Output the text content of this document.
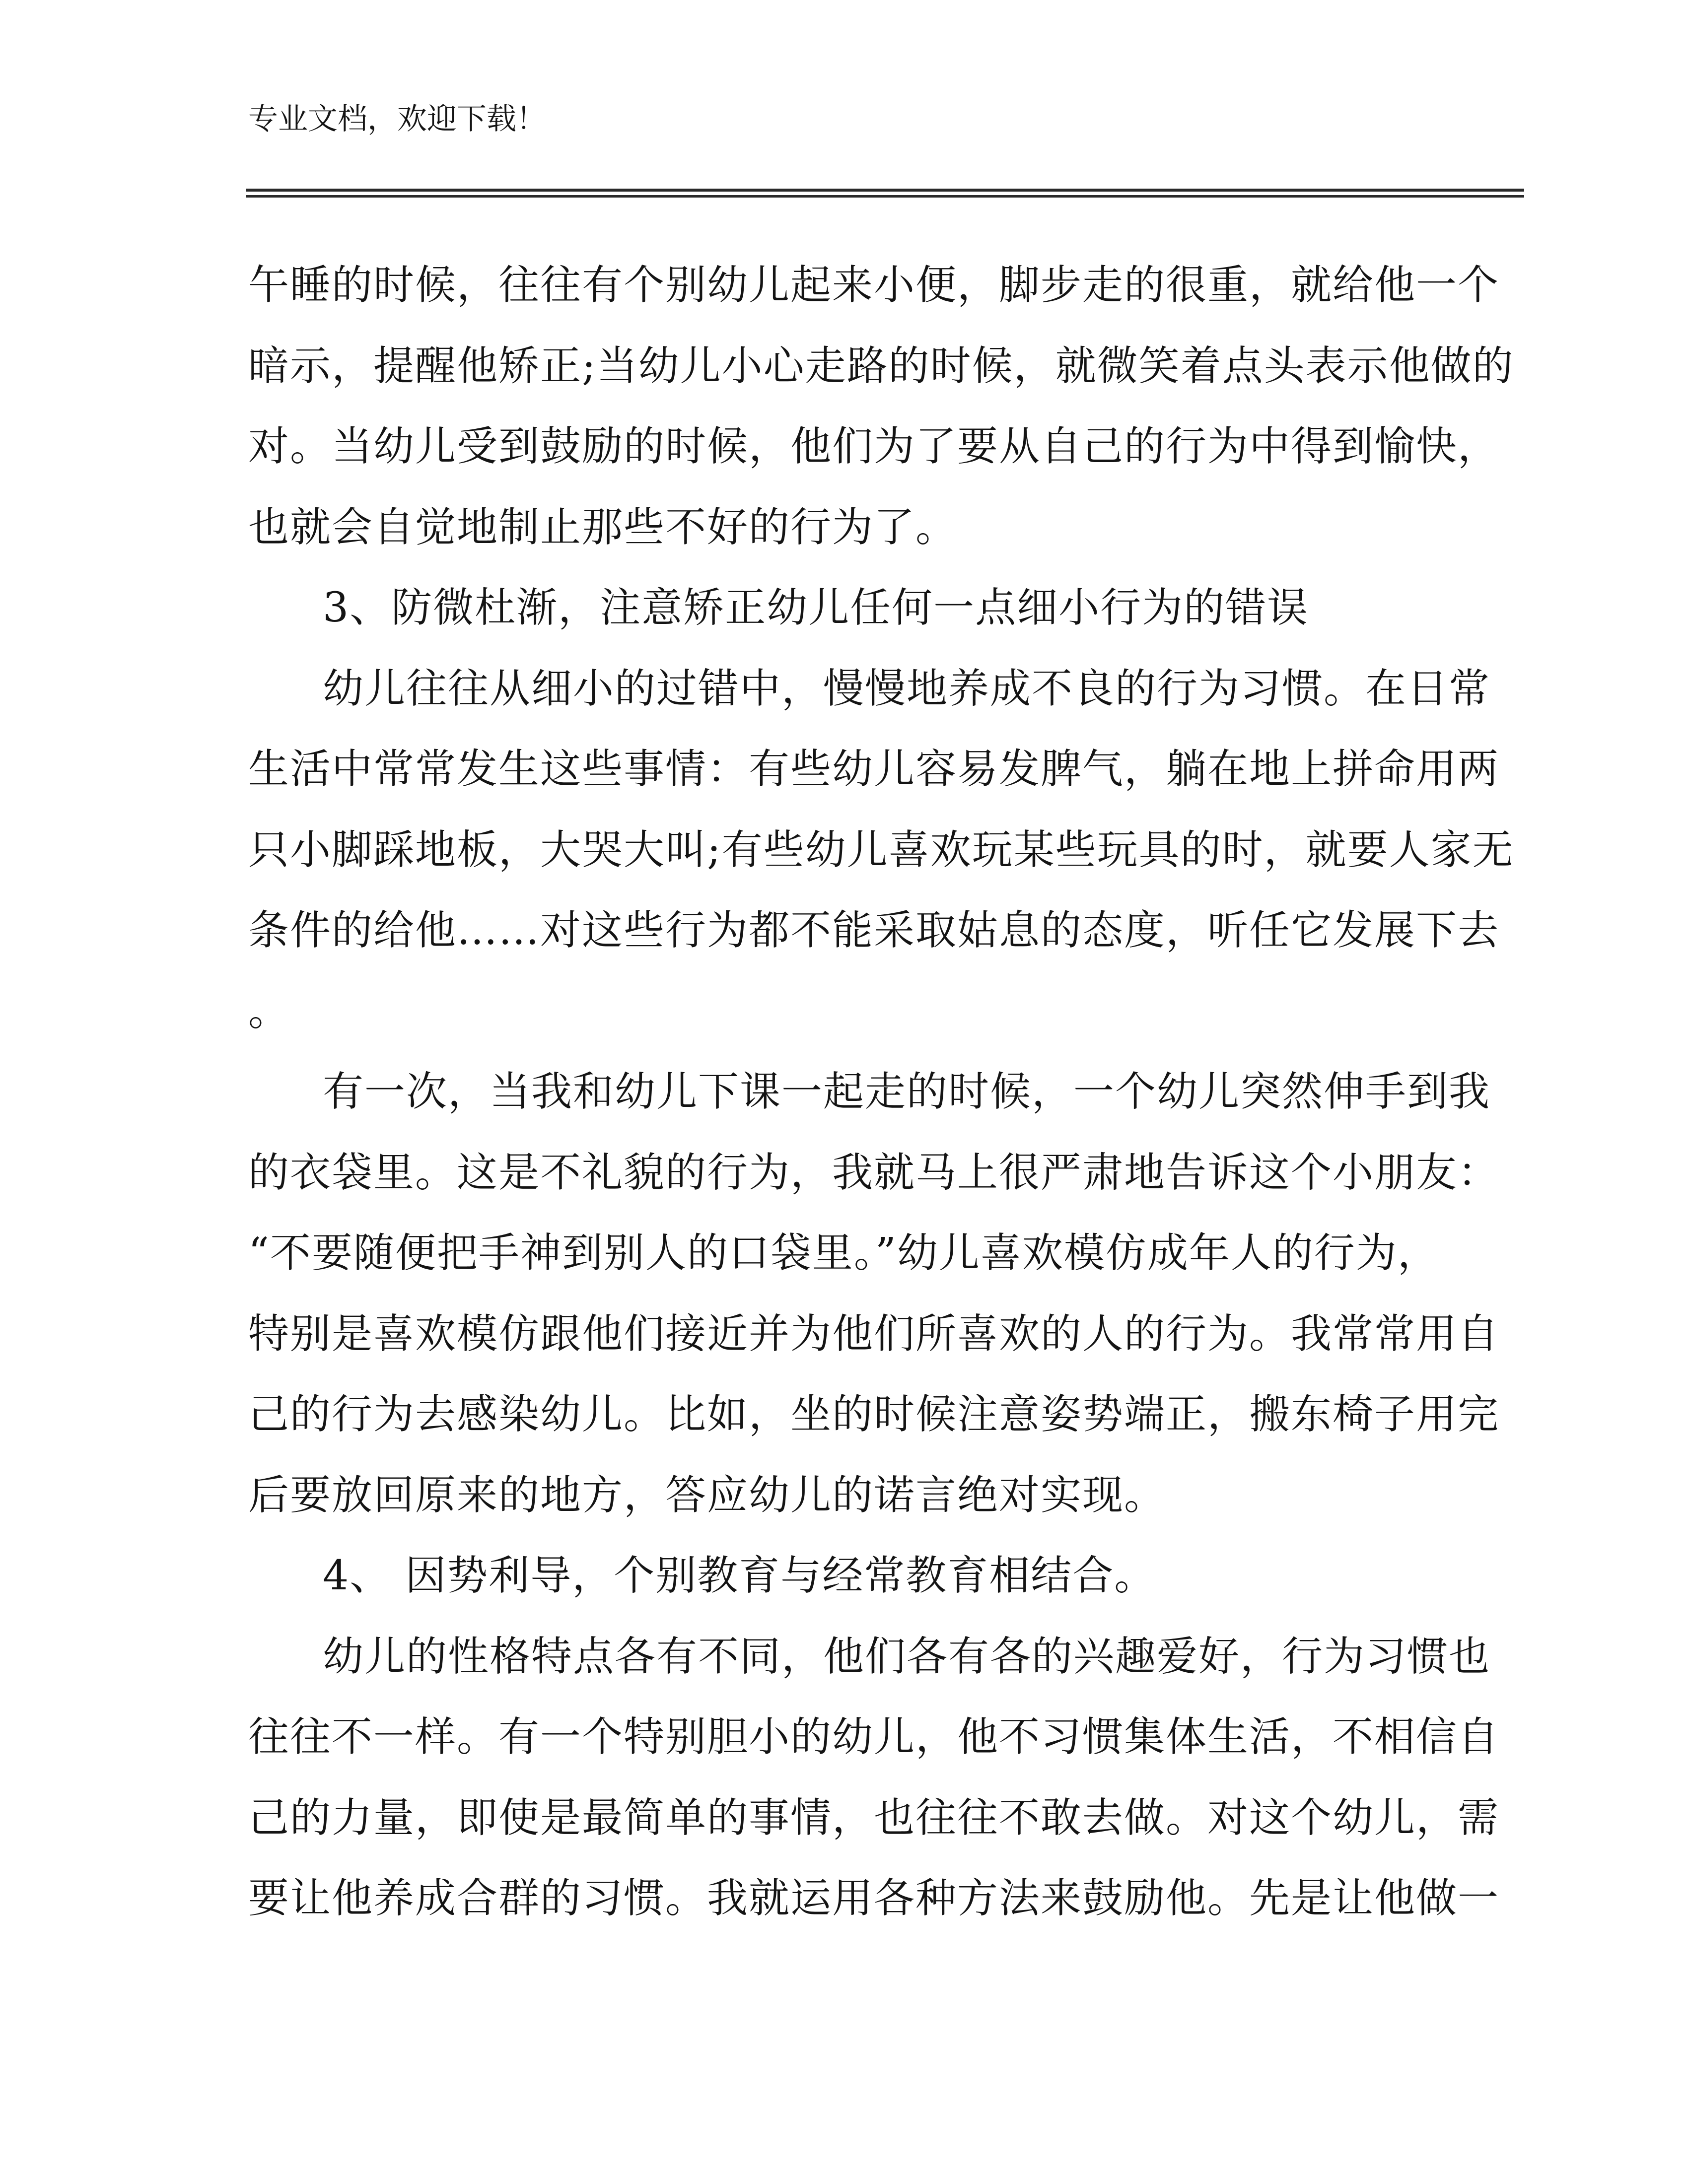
专业文档，欢迎下载！
午睡的时候，往往有个别幼儿起来小便，脚步走的很重，就给他一个
暗示，提醒他矫正;当幼儿小心走路的时候，就微笑着点头表示他做的
对。当幼儿受到鼓励的时候，他们为了要从自己的行为中得到愉快，
也就会自觉地制止那些不好的行为了。
3、防微杜渐，注意矫正幼儿任何一点细小行为的错误
幼儿往往从细小的过错中，慢慢地养成不良的行为习惯。在日常
生活中常常发生这些事情：有些幼儿容易发脾气，躺在地上拼命用两
只小脚踩地板，大哭大叫;有些幼儿喜欢玩某些玩具的时，就要人家无
条件的给他……对这些行为都不能采取姑息的态度，听任它发展下去
。
有一次，当我和幼儿下课一起走的时候，一个幼儿突然伸手到我
的衣袋里。这是不礼貌的行为，我就马上很严肃地告诉这个小朋友：
“不要随便把手神到别人的口袋里。”幼儿喜欢模仿成年人的行为，
特别是喜欢模仿跟他们接近并为他们所喜欢的人的行为。我常常用自
己的行为去感染幼儿。比如，坐的时候注意姿势端正，搬东椅子用完
后要放回原来的地方，答应幼儿的诺言绝对实现。
4、 因势利导，个别教育与经常教育相结合。
幼儿的性格特点各有不同，他们各有各的兴趣爱好，行为习惯也
往往不一样。有一个特别胆小的幼儿，他不习惯集体生活，不相信自
己的力量，即使是最简单的事情，也往往不敢去做。对这个幼儿，需
要让他养成合群的习惯。我就运用各种方法来鼓励他。先是让他做一
